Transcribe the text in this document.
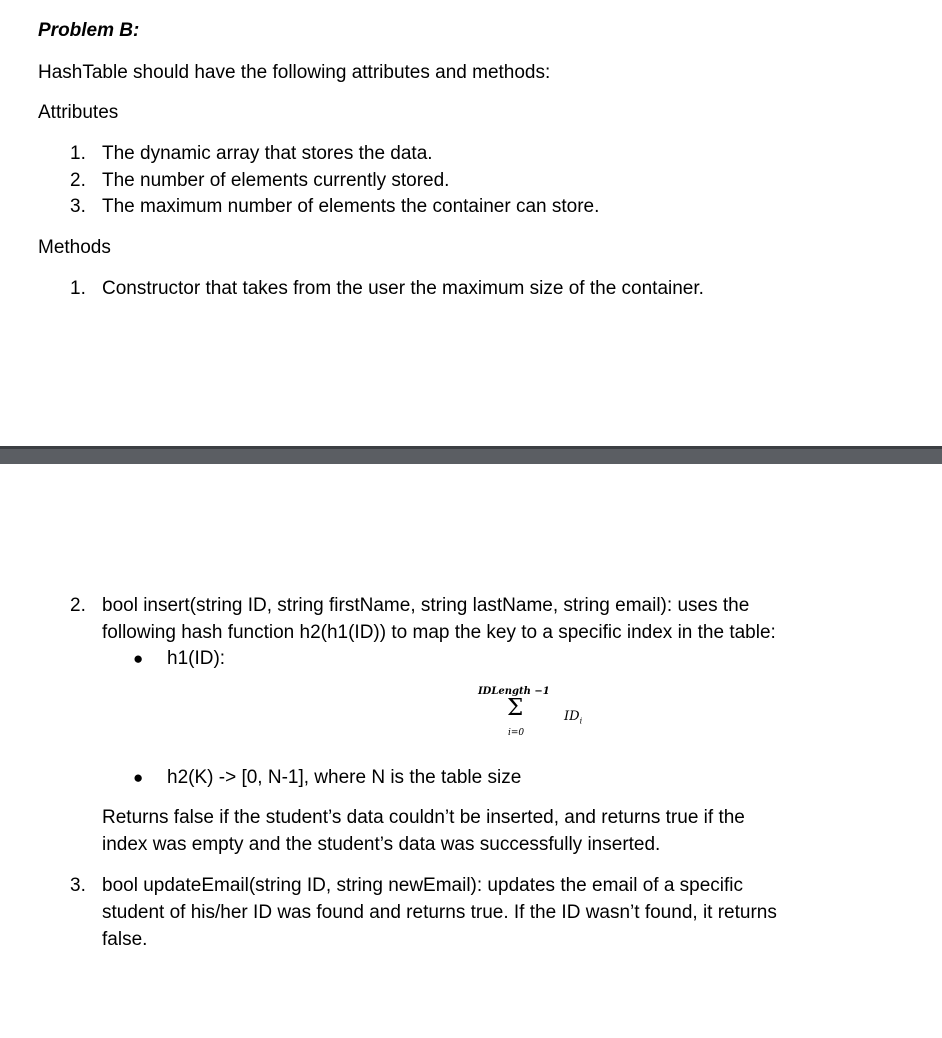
Problem B:
HashTable should have the following attributes and methods:
Attributes
1. The dynamic array that stores the data.
2. The number of elements currently stored.
3. The maximum number of elements the container can store.
Methods
1. Constructor that takes from the user the maximum size of the container.
2. bool insert(string ID, string firstName, string lastName, string email): uses the
following hash function h2(h1(ID)) to map the key to a specific index in the table:
● h1(ID):
IDLength −1
Σ
i=0
$ID_i$
● h2(K) -> [0, N-1], where N is the table size
Returns false if the student’s data couldn’t be inserted, and returns true if the
index was empty and the student’s data was successfully inserted.
3. bool updateEmail(string ID, string newEmail): updates the email of a specific
student of his/her ID was found and returns true. If the ID wasn’t found, it returns
false.
